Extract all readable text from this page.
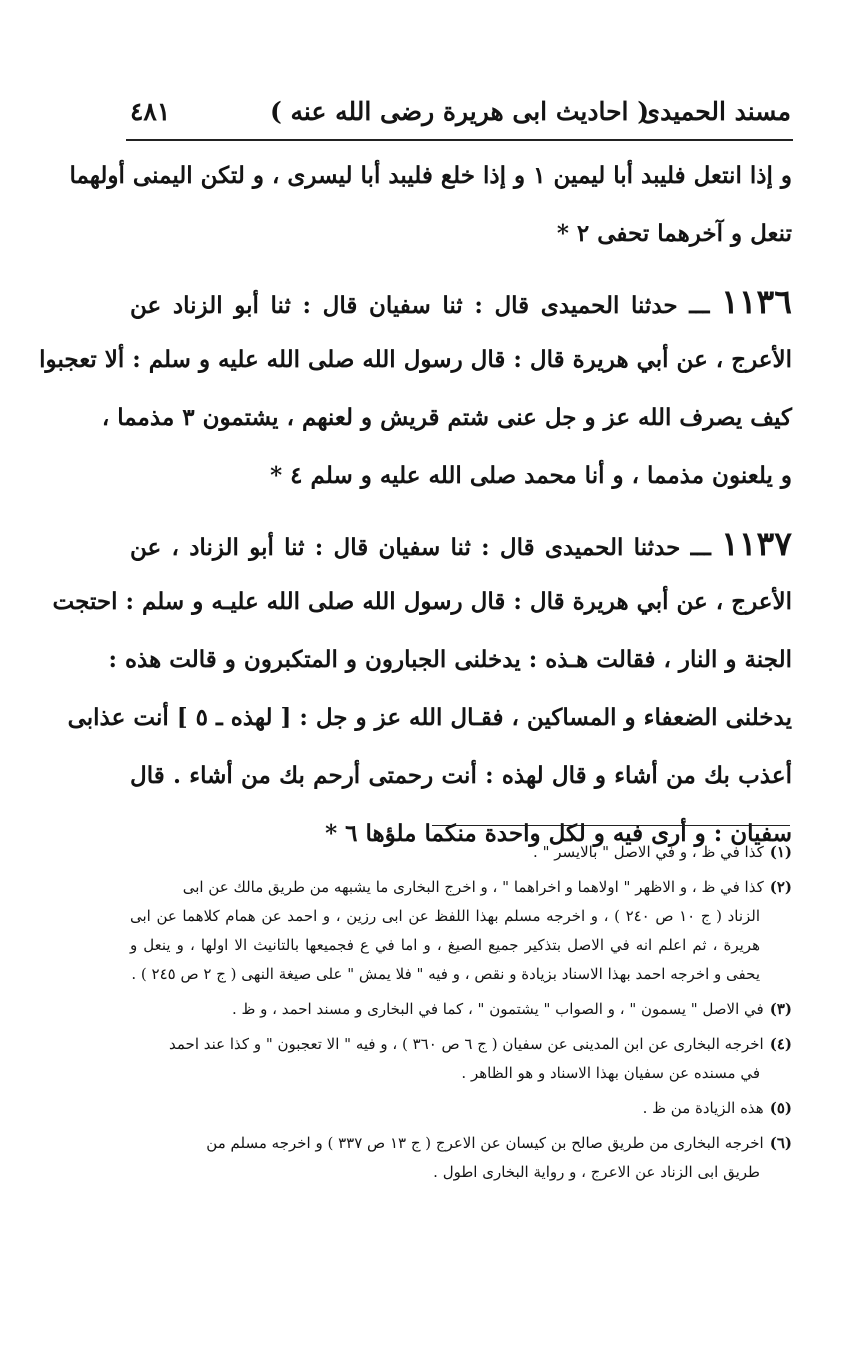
مسند الحميدى
( احاديث ابى هريرة رضى الله عنه )
٤٨١
و إذا انتعل فليبد أبا ليمين ١ و إذا خلع فليبد أبا ليسرى ، و لتكن اليمنى أولهما
تنعل و آخرهما تحفى ٢ *
١١٣٦ ـــ حدثنا الحميدى قال : ثنا سفيان قال : ثنا أبو الزناد عن
الأعرج ، عن أبي هريرة قال : قال رسول الله صلى الله عليه و سلم : ألا تعجبوا
كيف يصرف الله عز و جل عنى شتم قريش و لعنهم ، يشتمون ٣ مذمما ،
و يلعنون مذمما ، و أنا محمد صلى الله عليه و سلم ٤ *
١١٣٧ ـــ حدثنا الحميدى قال : ثنا سفيان قال : ثنا أبو الزناد ، عن
الأعرج ، عن أبي هريرة قال : قال رسول الله صلى الله عليـه و سلم : احتجت
الجنة و النار ، فقالت هـذه : يدخلنى الجبارون و المتكبرون و قالت هذه :
يدخلنى الضعفاء و المساكين ، فقـال الله عز و جل : [ لهذه ـ ٥ ] أنت عذابى
أعذب بك من أشاء و قال لهذه : أنت رحمتى أرحم بك من أشاء . قال
سفيان : و أرى فيه و لكل واحدة منكما ملؤها ٦ *
(١)كذا في ظ ، و في الاصل " بالايسر " .
(٢)كذا في ظ ، و الاظهر " اولاهما و اخراهما " ، و اخرج البخارى ما يشبهه من طريق مالك عن ابى
الزناد ( ج ١٠ ص ٢٤٠ ) ، و اخرجه مسلم بهذا اللفظ عن ابى رزين ، و احمد عن همام كلاهما عن ابى هريرة ، ثم اعلم انه في الاصل بتذكير جميع الصيغ ، و اما في ع فجميعها بالتانيث الا اولها ، و ينعل و يحفى و اخرجه احمد بهذا الاسناد بزيادة و نقص ، و فيه " فلا يمش " على صيغة النهى ( ج ٢ ص ٢٤٥ ) .
(٣)في الاصل " يسمون " ، و الصواب " يشتمون " ، كما في البخارى و مسند احمد ، و ظ .
(٤)اخرجه البخارى عن ابن المدينى عن سفيان ( ج ٦ ص ٣٦٠ ) ، و فيه " الا تعجبون " و كذا عند احمد
في مسنده عن سفيان بهذا الاسناد و هو الظاهر .
(٥)هذه الزيادة من ظ .
(٦)اخرجه البخارى من طريق صالح بن كيسان عن الاعرج ( ج ١٣ ص ٣٣٧ ) و اخرجه مسلم من
طريق ابى الزناد عن الاعرج ، و رواية البخارى اطول .
